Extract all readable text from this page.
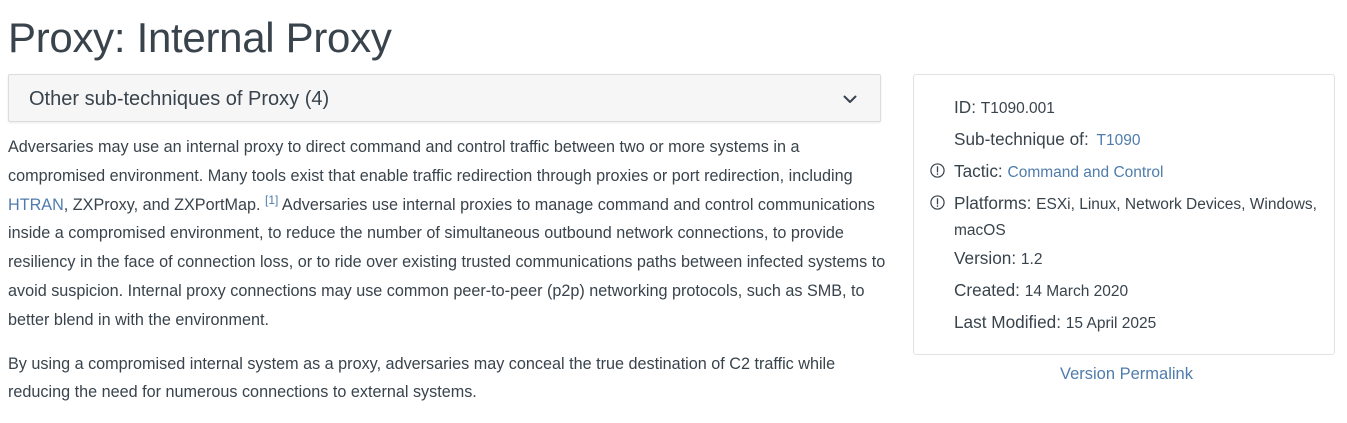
Proxy: Internal Proxy
Other sub-techniques of Proxy (4)

Adversaries may use an internal proxy to direct command and control traffic between two or more systems in a compromised environment. Many tools exist that enable traffic redirection through proxies or port redirection, including HTRAN, ZXProxy, and ZXPortMap. [1] Adversaries use internal proxies to manage command and control communications inside a compromised environment, to reduce the number of simultaneous outbound network connections, to provide resiliency in the face of connection loss, or to ride over existing trusted communications paths between infected systems to avoid suspicion. Internal proxy connections may use common peer-to-peer (p2p) networking protocols, such as SMB, to better blend in with the environment.

By using a compromised internal system as a proxy, adversaries may conceal the true destination of C2 traffic while reducing the need for numerous connections to external systems.

ID: T1090.001
Sub-technique of: T1090
Tactic: Command and Control
Platforms: ESXi, Linux, Network Devices, Windows, macOS
Version: 1.2
Created: 14 March 2020
Last Modified: 15 April 2025
Version Permalink
